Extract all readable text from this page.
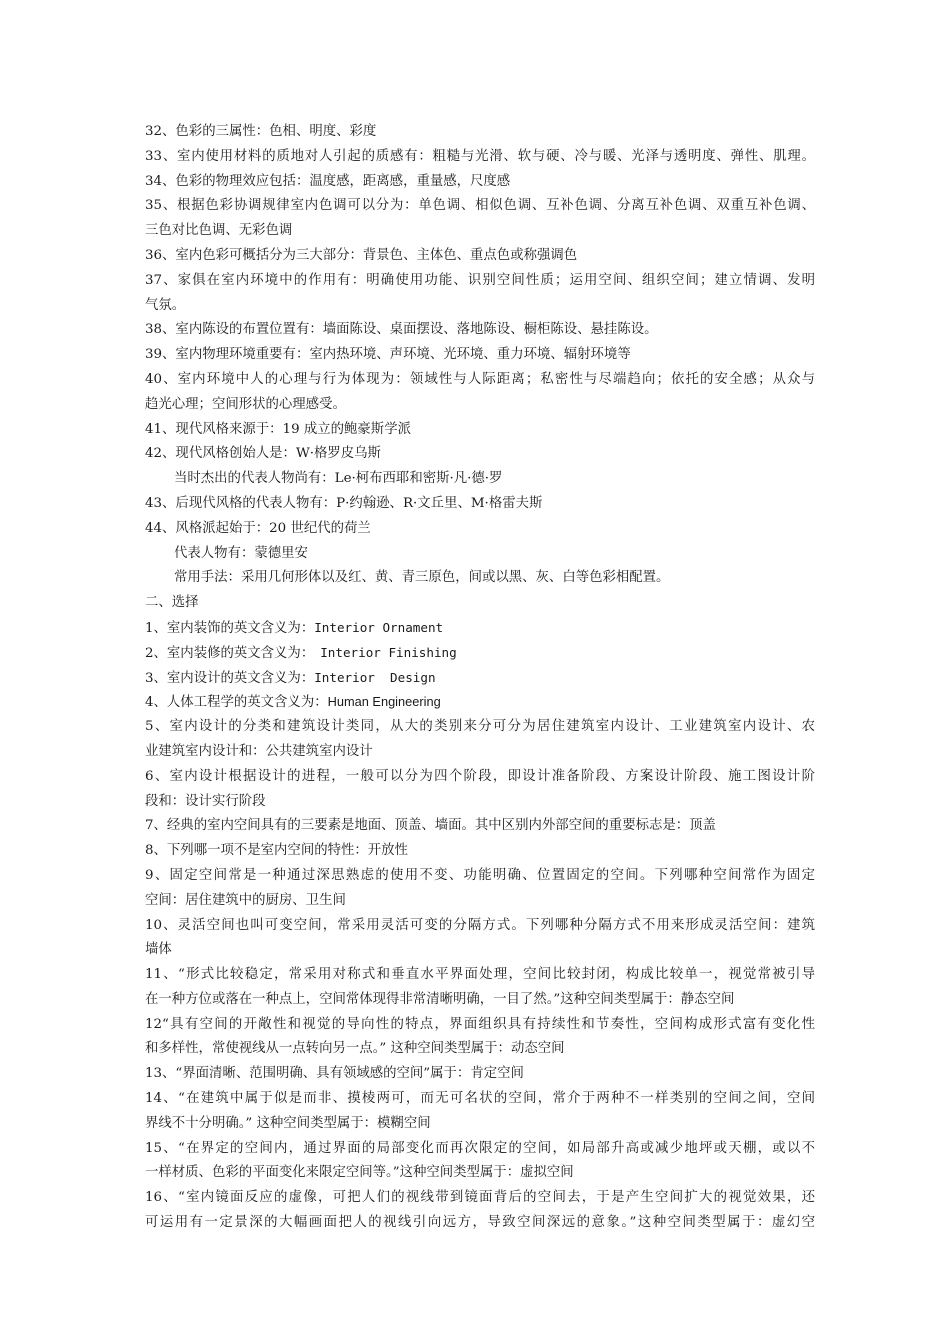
32、色彩的三属性：色相、明度、彩度
33、室内使用材料的质地对人引起的质感有：粗糙与光滑、软与硬、冷与暖、光泽与透明度、弹性、肌理。
34、色彩的物理效应包括：温度感，距离感，重量感，尺度感
35、根据色彩协调规律室内色调可以分为：单色调、相似色调、互补色调、分离互补色调、双重互补色调、
三色对比色调、无彩色调
36、室内色彩可概括分为三大部分：背景色、主体色、重点色或称强调色
37、家俱在室内环境中的作用有：明确使用功能、识别空间性质；运用空间、组织空间；建立情调、发明
气氛。
38、室内陈设的布置位置有：墙面陈设、桌面摆设、落地陈设、橱柜陈设、悬挂陈设。
39、室内物理环境重要有：室内热环境、声环境、光环境、重力环境、辐射环境等
40、室内环境中人的心理与行为体现为：领域性与人际距离；私密性与尽端趋向；依托的安全感；从众与
趋光心理；空间形状的心理感受。
41、现代风格来源于：19 成立的鲍豪斯学派
42、现代风格创始人是：W·格罗皮乌斯
当时杰出的代表人物尚有：Le·柯布西耶和密斯·凡·德·罗
43、后现代风格的代表人物有：P·约翰逊、R·文丘里、M·格雷夫斯
44、风格派起始于：20 世纪代的荷兰
代表人物有：蒙德里安
常用手法：采用几何形体以及红、黄、青三原色，间或以黑、灰、白等色彩相配置。
二、选择
1、室内装饰的英文含义为：Interior Ornament
2、室内装修的英文含义为： Interior Finishing
3、室内设计的英文含义为：Interior  Design
4、人体工程学的英文含义为：Human Engineering
5、室内设计的分类和建筑设计类同，从大的类别来分可分为居住建筑室内设计、工业建筑室内设计、农
业建筑室内设计和：公共建筑室内设计
6、室内设计根据设计的进程，一般可以分为四个阶段，即设计准备阶段、方案设计阶段、施工图设计阶
段和：设计实行阶段
7、经典的室内空间具有的三要素是地面、顶盖、墙面。其中区别内外部空间的重要标志是：顶盖
8、下列哪一项不是室内空间的特性：开放性
9、固定空间常是一种通过深思熟虑的使用不变、功能明确、位置固定的空间。下列哪种空间常作为固定
空间：居住建筑中的厨房、卫生间
10、灵活空间也叫可变空间，常采用灵活可变的分隔方式。下列哪种分隔方式不用来形成灵活空间：建筑
墙体
11、“形式比较稳定，常采用对称式和垂直水平界面处理，空间比较封闭，构成比较单一，视觉常被引导
在一种方位或落在一种点上，空间常体现得非常清晰明确，一目了然。”这种空间类型属于：静态空间
12“具有空间的开敞性和视觉的导向性的特点，界面组织具有持续性和节奏性，空间构成形式富有变化性
和多样性，常使视线从一点转向另一点。” 这种空间类型属于：动态空间
13、“界面清晰、范围明确、具有领域感的空间”属于：肯定空间
14、“在建筑中属于似是而非、摸棱两可，而无可名状的空间，常介于两种不一样类别的空间之间，空间
界线不十分明确。” 这种空间类型属于：模糊空间
15、“在界定的空间内，通过界面的局部变化而再次限定的空间，如局部升高或减少地坪或天棚，或以不
一样材质、色彩的平面变化来限定空间等。”这种空间类型属于：虚拟空间
16、“室内镜面反应的虚像，可把人们的视线带到镜面背后的空间去，于是产生空间扩大的视觉效果，还
可运用有一定景深的大幅画面把人的视线引向远方，导致空间深远的意象。”这种空间类型属于：虚幻空
